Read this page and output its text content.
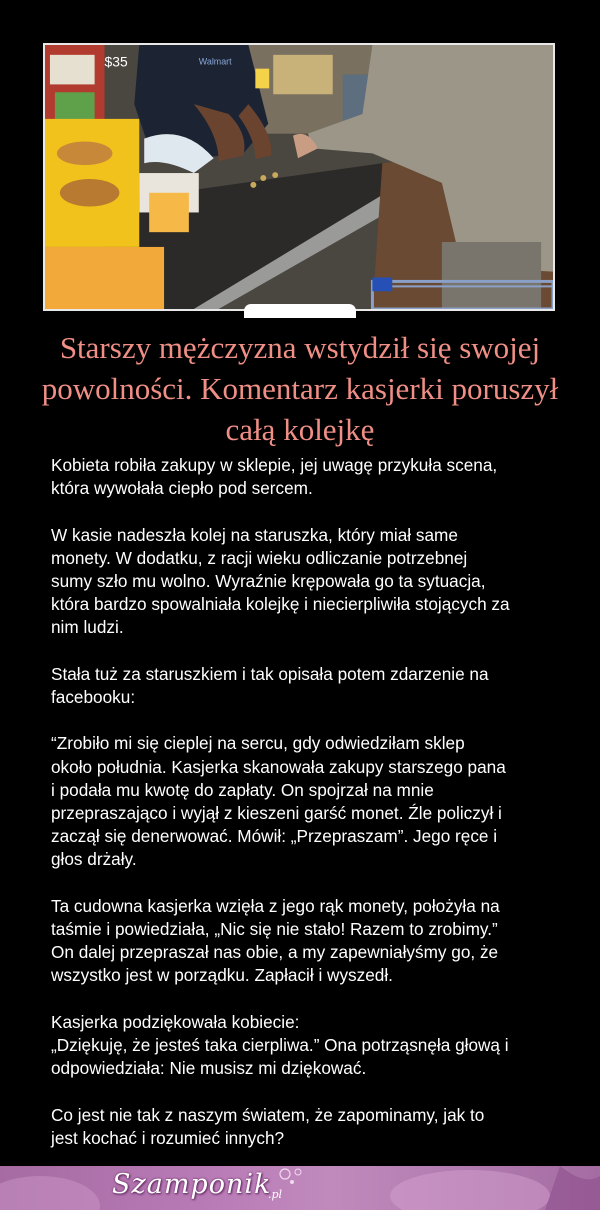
$35	Walmart
Starszy mężczyzna wstydził się swojej powolności. Komentarz kasjerki poruszył całą kolejkę

Kobieta robiła zakupy w sklepie, jej uwagę przykuła scena,
która wywołała ciepło pod sercem.

W kasie nadeszła kolej na staruszka, który miał same
monety. W dodatku, z racji wieku odliczanie potrzebnej
sumy szło mu wolno. Wyraźnie krępowała go ta sytuacja,
która bardzo spowalniała kolejkę i niecierpliwiła stojących za
nim ludzi.

Stała tuż za staruszkiem i tak opisała potem zdarzenie na
facebooku:

“Zrobiło mi się cieplej na sercu, gdy odwiedziłam sklep
około południa. Kasjerka skanowała zakupy starszego pana
i podała mu kwotę do zapłaty. On spojrzał na mnie
przepraszająco i wyjął z kieszeni garść monet. Źle policzył i
zaczął się denerwować. Mówił: „Przepraszam”. Jego ręce i
głos drżały.

Ta cudowna kasjerka wzięła z jego rąk monety, położyła na
taśmie i powiedziała, „Nic się nie stało! Razem to zrobimy.”
On dalej przepraszał nas obie, a my zapewniałyśmy go, że
wszystko jest w porządku. Zapłacił i wyszedł.

Kasjerka podziękowała kobiecie:
„Dziękuję, że jesteś taka cierpliwa.” Ona potrząsnęła głową i
odpowiedziała: Nie musisz mi dziękować.

Co jest nie tak z naszym światem, że zapominamy, jak to
jest kochać i rozumieć innych?

Szamponik
.pl
